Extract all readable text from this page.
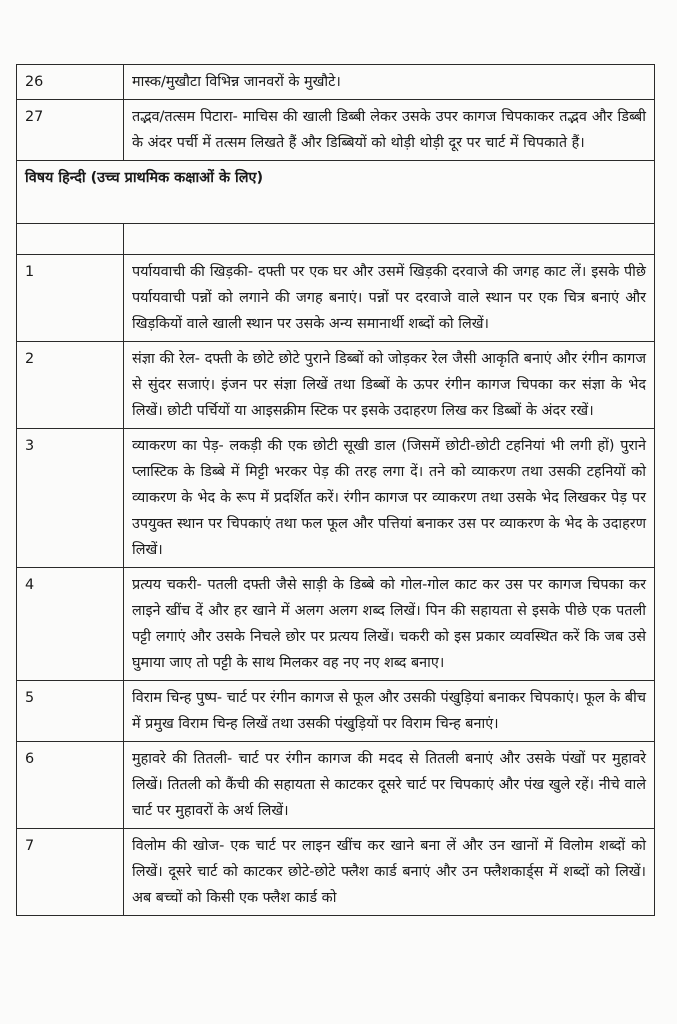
26	मास्क/मुखौटा विभिन्न जानवरों के मुखौटे।
27	तद्भव/तत्सम पिटारा- माचिस की खाली डिब्बी लेकर उसके उपर कागज चिपकाकर तद्भव और डिब्बी के अंदर पर्ची में तत्सम लिखते हैं और डिब्बियों को थोड़ी थोड़ी दूर पर चार्ट में चिपकाते हैं।
विषय हिन्दी (उच्च प्राथमिक कक्षाओं के लिए)	

1	पर्यायवाची की खिड़की- दफ्ती पर एक घर और उसमें खिड़की दरवाजे की जगह काट लें। इसके पीछे पर्यायवाची पन्नों को लगाने की जगह बनाएं। पन्नों पर दरवाजे वाले स्थान पर एक चित्र बनाएं और खिड़कियों वाले खाली स्थान पर उसके अन्य समानार्थी शब्दों को लिखें।
2	संज्ञा की रेल- दफ्ती के छोटे छोटे पुराने डिब्बों को जोड़कर रेल जैसी आकृति बनाएं और रंगीन कागज से सुंदर सजाएं। इंजन पर संज्ञा लिखें तथा डिब्बों के ऊपर रंगीन कागज चिपका कर संज्ञा के भेद लिखें। छोटी पर्चियों या आइसक्रीम स्टिक पर इसके उदाहरण लिख कर डिब्बों के अंदर रखें।
3	व्याकरण का पेड़- लकड़ी की एक छोटी सूखी डाल (जिसमें छोटी-छोटी टहनियां भी लगी हों) पुराने प्लास्टिक के डिब्बे में मिट्टी भरकर पेड़ की तरह लगा दें। तने को व्याकरण तथा उसकी टहनियों को व्याकरण के भेद के रूप में प्रदर्शित करें। रंगीन कागज पर व्याकरण तथा उसके भेद लिखकर पेड़ पर उपयुक्त स्थान पर चिपकाएं तथा फल फूल और पत्तियां बनाकर उस पर व्याकरण के भेद के उदाहरण लिखें।
4	प्रत्यय चकरी- पतली दफ्ती जैसे साड़ी के डिब्बे को गोल-गोल काट कर उस पर कागज चिपका कर लाइने खींच दें और हर खाने में अलग अलग शब्द लिखें। पिन की सहायता से इसके पीछे एक पतली पट्टी लगाएं और उसके निचले छोर पर प्रत्यय लिखें। चकरी को इस प्रकार व्यवस्थित करें कि जब उसे घुमाया जाए तो पट्टी के साथ मिलकर वह नए नए शब्द बनाए।
5	विराम चिन्ह पुष्प- चार्ट पर रंगीन कागज से फूल और उसकी पंखुड़ियां बनाकर चिपकाएं। फूल के बीच में प्रमुख विराम चिन्ह लिखें तथा उसकी पंखुड़ियों पर विराम चिन्ह बनाएं।
6	मुहावरे की तितली- चार्ट पर रंगीन कागज की मदद से तितली बनाएं और उसके पंखों पर मुहावरे लिखें। तितली को कैंची की सहायता से काटकर दूसरे चार्ट पर चिपकाएं और पंख खुले रहें। नीचे वाले चार्ट पर मुहावरों के अर्थ लिखें।
7	विलोम की खोज- एक चार्ट पर लाइन खींच कर खाने बना लें और उन खानों में विलोम शब्दों को लिखें। दूसरे चार्ट को काटकर छोटे-छोटे फ्लैश कार्ड बनाएं और उन फ्लैशकार्ड्स में शब्दों को लिखें। अब बच्चों को किसी एक फ्लैश कार्ड को
